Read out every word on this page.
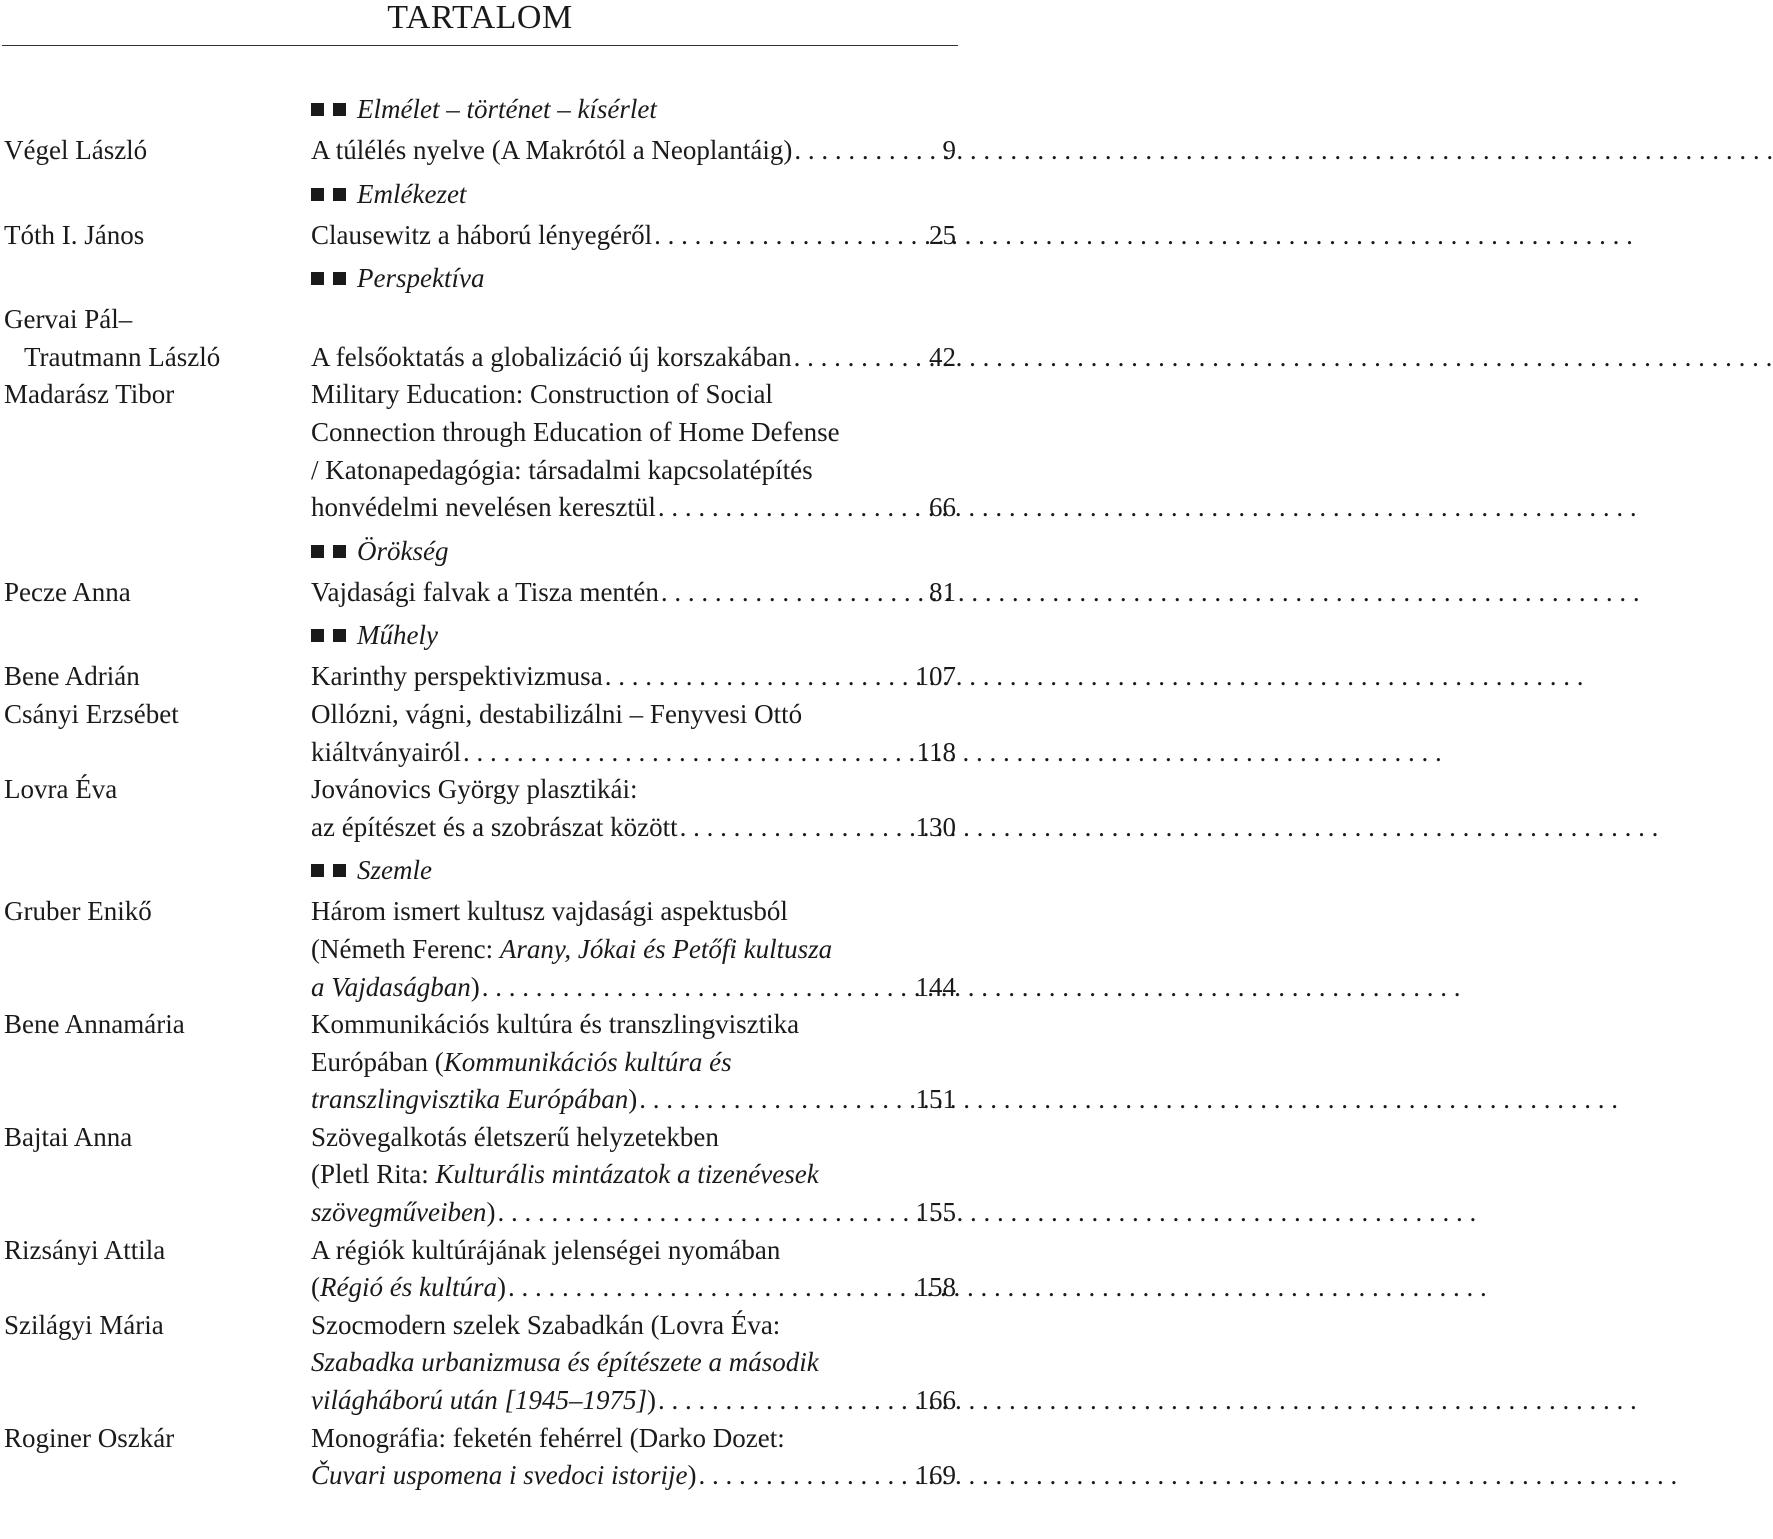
TARTALOM
Elmélet – történet – kísérlet
Végel László	A túlélés nyelve (A Makrótól a Neoplantáig) . . .	9
Emlékezet
Tóth I. János	Clausewitz a háború lényegéről . . .	25
Perspektíva
Gervai Pál–
Trautmann László
	A felsőoktatás a globalizáció új korszakában . . .	42
Madarász Tibor	Military Education: Construction of Social
Connection through Education of Home Defense
/ Katonapedagógia: társadalmi kapcsolatépítés
honvédelmi nevelésen keresztül . . .	66
Örökség
Pecze Anna	Vajdasági falvak a Tisza mentén . . .	81
Műhely
Bene Adrián	Karinthy perspektivizmusa . . .	107
Csányi Erzsébet	Ollózni, vágni, destabilizálni – Fenyvesi Ottó
kiáltványairól . . .	118
Lovra Éva	Jovánovics György plasztikái:
az építészet és a szobrászat között . . .	130
Szemle
Gruber Enikő	Három ismert kultusz vajdasági aspektusból
(Németh Ferenc: Arany, Jókai és Petőfi kultusza
a Vajdaságban) . . .	144
Bene Annamária	Kommunikációs kultúra és transzlingvisztika
Európában (Kommunikációs kultúra és
transzlingvisztika Európában) . . .	151
Bajtai Anna	Szövegalkotás életszerű helyzetekben
(Pletl Rita: Kulturális mintázatok a tizenévesek
szövegműveiben) . . .	155
Rizsányi Attila	A régiók kultúrájának jelenségei nyomában
(Régió és kultúra) . . .	158
Szilágyi Mária	Szocmodern szelek Szabadkán (Lovra Éva:
Szabadka urbanizmusa és építészete a második
világháború után [1945–1975]) . . .	166
Roginer Oszkár	Monográfia: feketén fehérrel (Darko Dozet:
Čuvari uspomena i svedoci istorije) . . .	169
